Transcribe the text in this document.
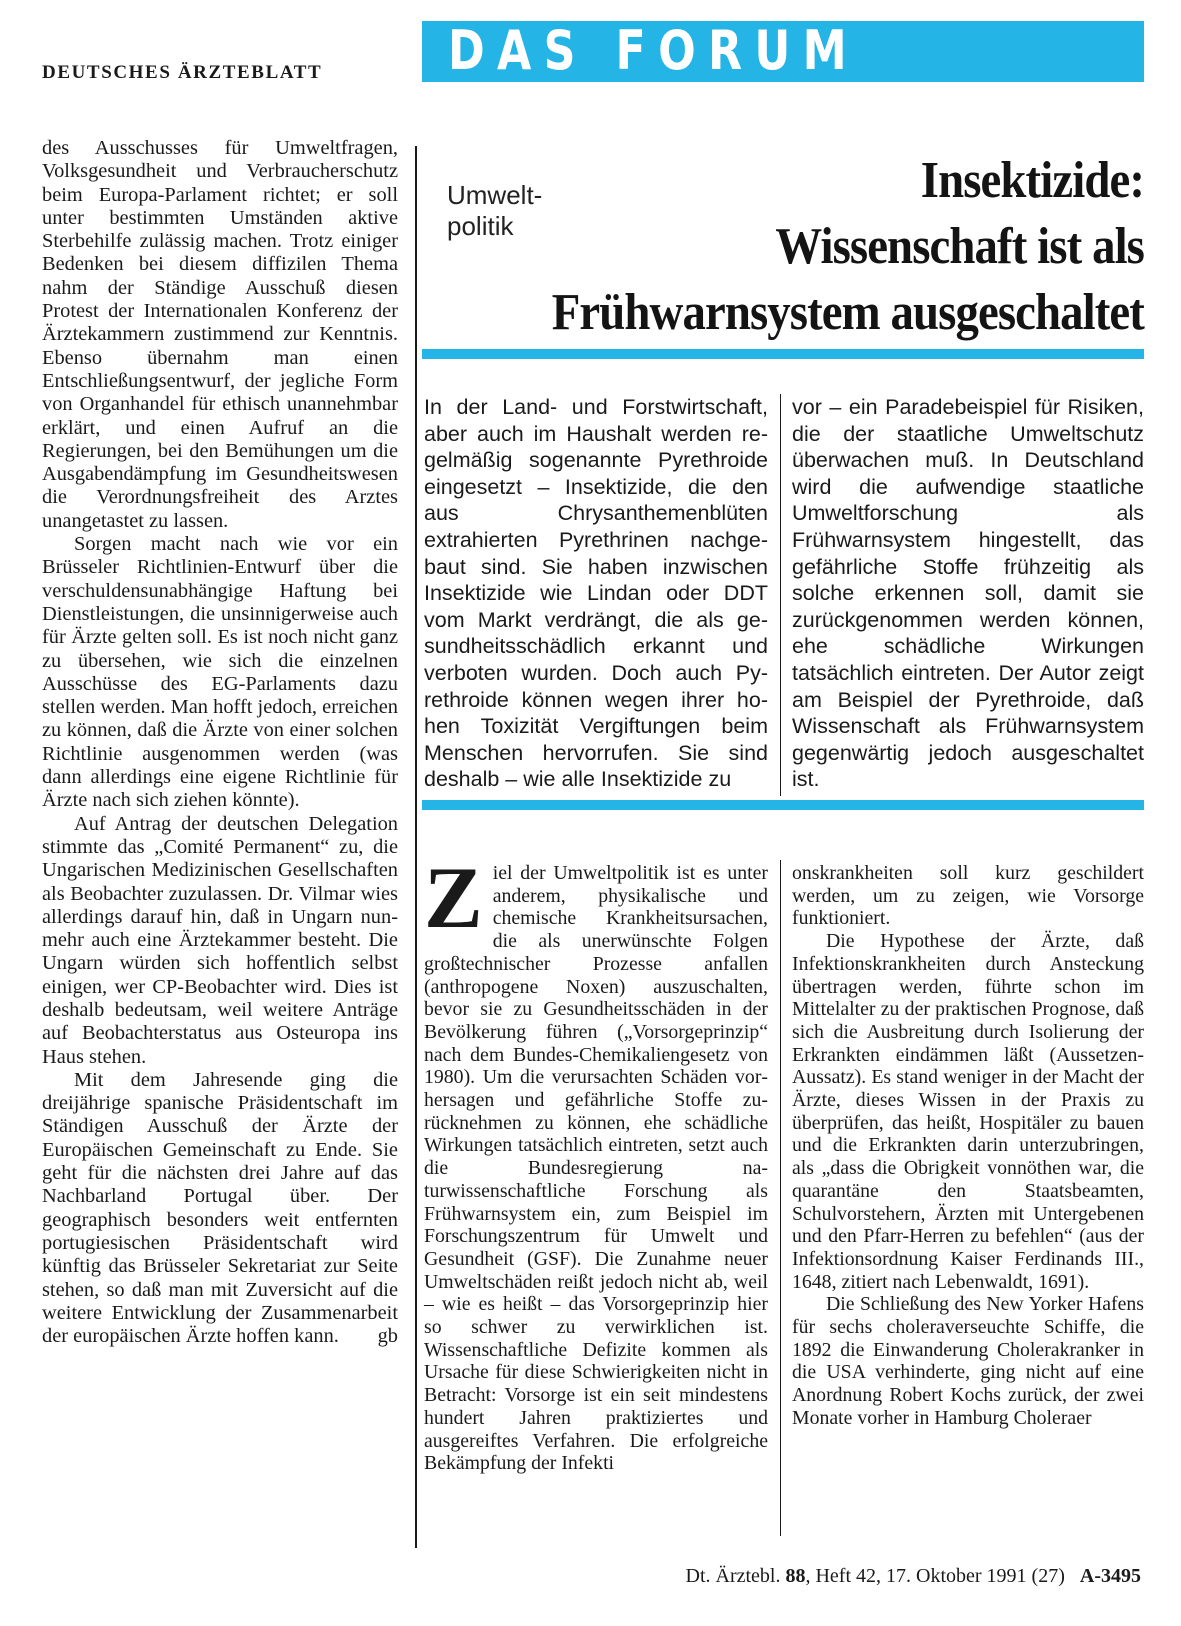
DEUTSCHES ÄRZTEBLATT DAS FORUM

des Ausschusses für Umweltfragen, Volksgesundheit und Verbraucherschutz beim Europa-Parlament richtet; er soll unter bestimmten Umständen aktive Sterbehilfe zulässig machen. Trotz einiger Bedenken bei diesem diffizilen Thema nahm der Ständige Ausschuß diesen Protest der Internationalen Konferenz der Ärztekammern zustimmend zur Kenntnis. Ebenso übernahm man einen Entschließungsentwurf, der jegliche Form von Organhandel für ethisch unannehmbar erklärt, und einen Aufruf an die Regierungen, bei den Bemühungen um die Ausgabendämpfung im Gesundheitswesen die Verordnungsfreiheit des Arztes unangetastet zu lassen.

Sorgen macht nach wie vor ein Brüsseler Richtlinien-Entwurf über die verschuldensunabhängige Haftung bei Dienstleistungen, die unsinnigerweise auch für Ärzte gelten soll. Es ist noch nicht ganz zu übersehen, wie sich die einzelnen Ausschüsse des EG-Parlaments dazu stellen werden. Man hofft jedoch, erreichen zu können, daß die Ärzte von einer solchen Richtlinie ausgenommen werden (was dann allerdings eine eigene Richtlinie für Ärzte nach sich ziehen könnte).

Auf Antrag der deutschen Delegation stimmte das „Comité Permanent“ zu, die Ungarischen Medizinischen Gesellschaften als Beobachter zuzulassen. Dr. Vilmar wies allerdings darauf hin, daß in Ungarn nunmehr auch eine Ärztekammer besteht. Die Ungarn würden sich hoffentlich selbst einigen, wer CP-Beobachter wird. Dies ist deshalb bedeutsam, weil weitere Anträge auf Beobachterstatus aus Osteuropa ins Haus stehen.

Mit dem Jahresende ging die dreijährige spanische Präsidentschaft im Ständigen Ausschuß der Ärzte der Europäischen Gemeinschaft zu Ende. Sie geht für die nächsten drei Jahre auf das Nachbarland Portugal über. Der geographisch besonders weit entfernten portugiesischen Präsidentschaft wird künftig das Brüsseler Sekretariat zur Seite stehen, so daß man mit Zuversicht auf die weitere Entwicklung der Zusammenarbeit der europäischen Ärzte hoffen kann.	gb
Umwelt-
politik
Insektizide:
Wissenschaft ist als
Frühwarnsystem ausgeschaltet
In der Land- und Forstwirtschaft, aber auch im Haushalt werden regelmäßig sogenannte Pyrethroide eingesetzt – Insektizide, die den aus Chrysanthemenblüten extrahierten Pyrethrinen nachgebaut sind. Sie haben inzwischen Insektizide wie Lindan oder DDT vom Markt verdrängt, die als gesundheitsschädlich erkannt und verboten wurden. Doch auch Pyrethroide können wegen ihrer hohen Toxizität Vergiftungen beim Menschen hervorrufen. Sie sind deshalb – wie alle Insektizide zu
vor – ein Paradebeispiel für Risiken, die der staatliche Umweltschutz überwachen muß. In Deutschland wird die aufwendige staatliche Umweltforschung als Frühwarnsystem hingestellt, das gefährliche Stoffe frühzeitig als solche erkennen soll, damit sie zurückgenommen werden können, ehe schädliche Wirkungen tatsächlich eintreten. Der Autor zeigt am Beispiel der Pyrethroide, daß Wissenschaft als Frühwarnsystem gegenwärtig jedoch ausgeschaltet ist.

Ziel der Umweltpolitik ist es unter anderem, physikalische und chemische Krankheitsursachen, die als unerwünschte Folgen großtechnischer Prozesse anfallen (anthropogene Noxen) auszuschalten, bevor sie zu Gesundheitsschäden in der Bevölkerung führen („Vorsorgeprinzip“ nach dem Bundes-Chemikaliengesetz von 1980). Um die verursachten Schäden vorhersagen und gefährliche Stoffe zurücknehmen zu können, ehe schädliche Wirkungen tatsächlich eintreten, setzt auch die Bundesregierung naturwissenschaftliche Forschung als Frühwarnsystem ein, zum Beispiel im Forschungszentrum für Umwelt und Gesundheit (GSF). Die Zunahme neuer Umweltschäden reißt jedoch nicht ab, weil – wie es heißt – das Vorsorgeprinzip hier so schwer zu verwirklichen ist. Wissenschaftliche Defizite kommen als Ursache für diese Schwierigkeiten nicht in Betracht: Vorsorge ist ein seit mindestens hundert Jahren praktiziertes und ausgereiftes Verfahren. Die erfolgreiche Bekämpfung der Infekti

onskrankheiten soll kurz geschildert werden, um zu zeigen, wie Vorsorge funktioniert.

Die Hypothese der Ärzte, daß Infektionskrankheiten durch Ansteckung übertragen werden, führte schon im Mittelalter zu der praktischen Prognose, daß sich die Ausbreitung durch Isolierung der Erkrankten eindämmen läßt (Aussetzen-Aussatz). Es stand weniger in der Macht der Ärzte, dieses Wissen in der Praxis zu überprüfen, das heißt, Hospitäler zu bauen und die Erkrankten darin unterzubringen, als „dass die Obrigkeit vonnöthen war, die quarantäne den Staatsbeamten, Schulvorstehern, Ärzten mit Untergebenen und den Pfarr-Herren zu befehlen“ (aus der Infektionsordnung Kaiser Ferdinands III., 1648, zitiert nach Lebenwaldt, 1691).

Die Schließung des New Yorker Hafens für sechs choleraverseuchte Schiffe, die 1892 die Einwanderung Cholerakranker in die USA verhinderte, ging nicht auf eine Anordnung Robert Kochs zurück, der zwei Monate vorher in Hamburg Choleraer

Dt. Ärztebl. 88, Heft 42, 17. Oktober 1991 (27) A-3495
